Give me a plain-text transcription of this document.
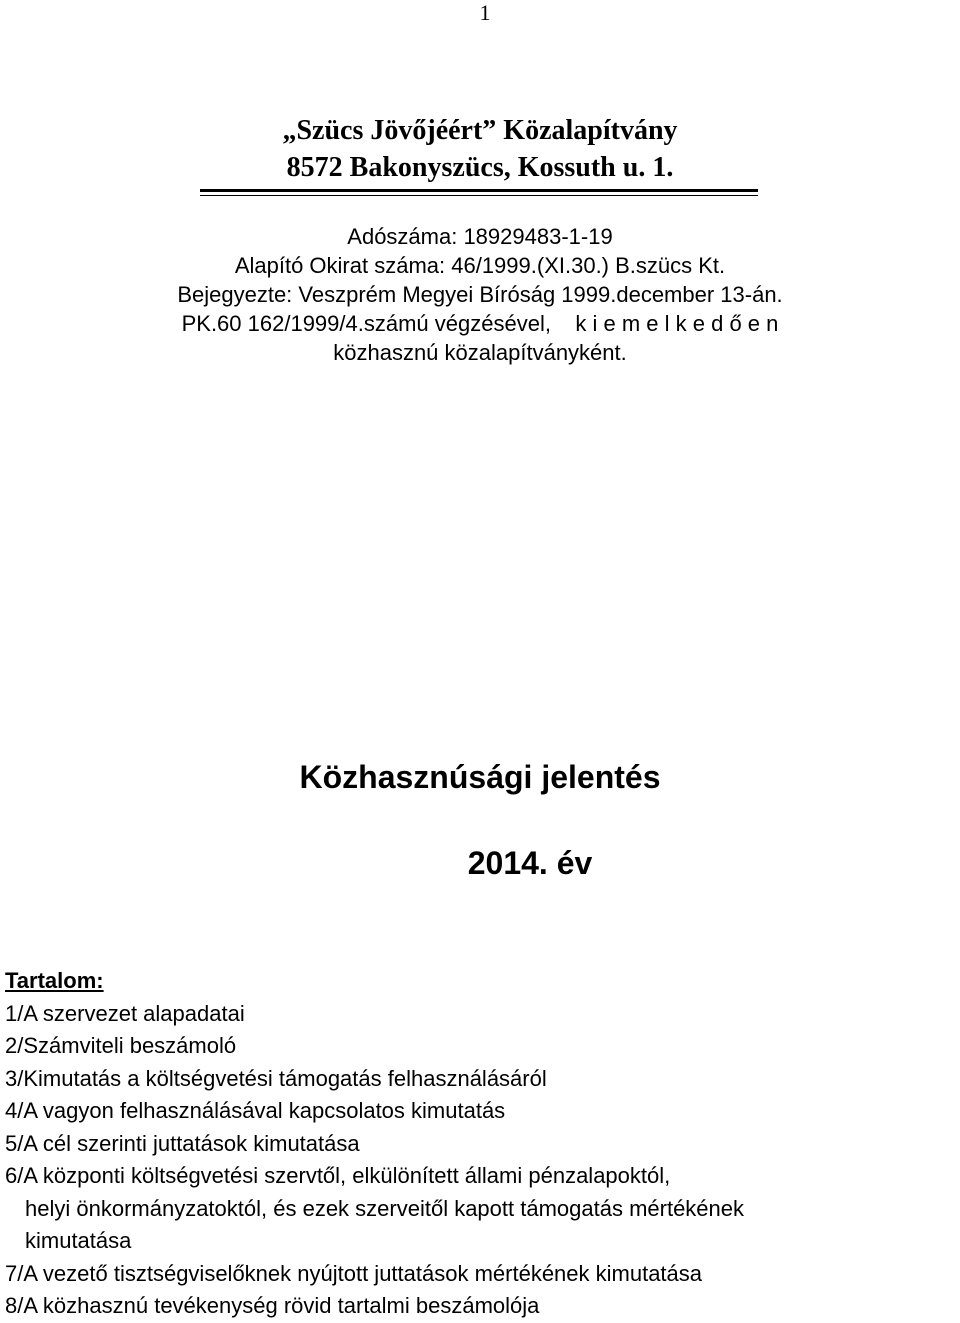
1
„Szücs Jövőjéért” Közalapítvány
8572 Bakonyszücs, Kossuth u. 1.
Adószáma: 18929483-1-19
Alapító Okirat száma: 46/1999.(XI.30.) B.szücs Kt.
Bejegyezte: Veszprém Megyei Bíróság 1999.december 13-án.
PK.60 162/1999/4.számú végzésével,    k i e m e l k e d ő e n
közhasznú közalapítványként.
Közhasznúsági jelentés
2014. év
Tartalom:
1/A szervezet alapadatai
2/Számviteli beszámoló
3/Kimutatás a költségvetési támogatás felhasználásáról
4/A vagyon felhasználásával kapcsolatos kimutatás
5/A cél szerinti juttatások kimutatása
6/A központi költségvetési szervtől, elkülönített állami pénzalapoktól,
helyi önkormányzatoktól, és ezek szerveitől kapott támogatás mértékének
kimutatása
7/A vezető tisztségviselőknek nyújtott juttatások mértékének kimutatása
8/A közhasznú tevékenység rövid tartalmi beszámolója
